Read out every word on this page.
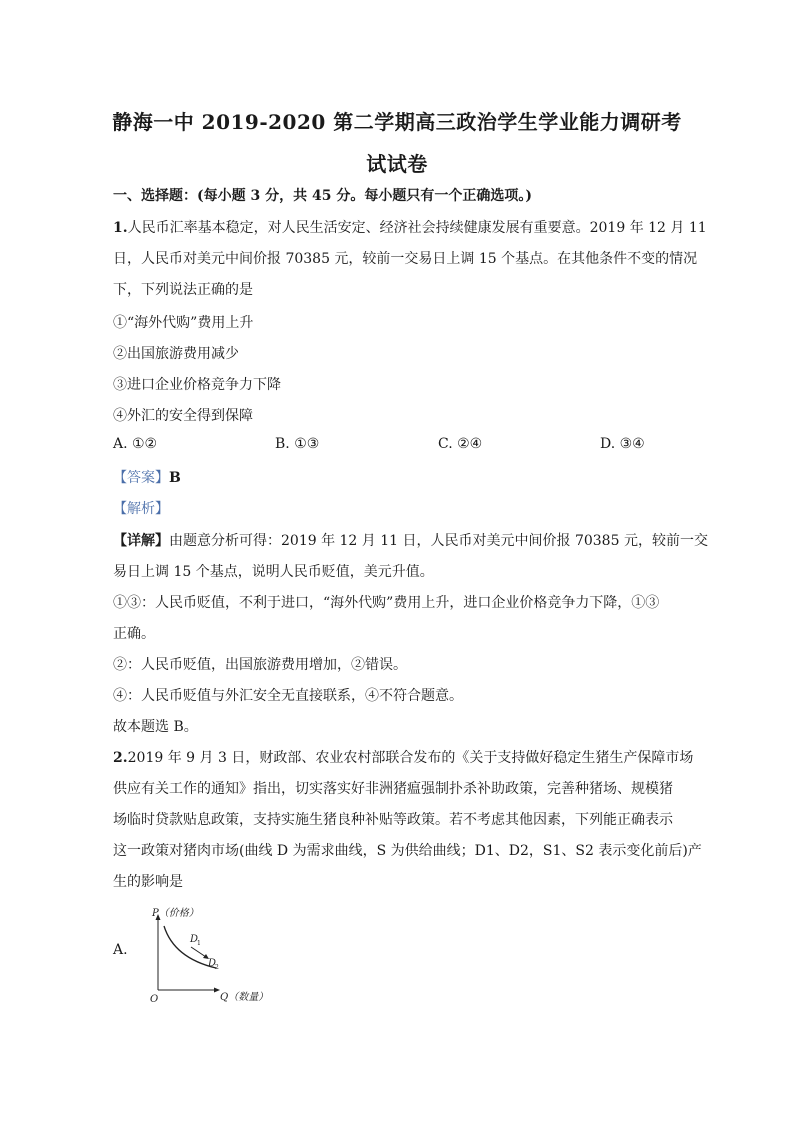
静海一中 2019-2020 第二学期高三政治学生学业能力调研考
试试卷
一、选择题：(每小题 3 分，共 45 分。每小题只有一个正确选项。)
1.人民币汇率基本稳定，对人民生活安定、经济社会持续健康发展有重要意。2019 年 12 月 11
日，人民币对美元中间价报 70385 元，较前一交易日上调 15 个基点。在其他条件不变的情况
下，下列说法正确的是
①“海外代购”费用上升
②出国旅游费用减少
③进口企业价格竞争力下降
④外汇的安全得到保障
A. ①②	B. ①③	C. ②④	D. ③④
【答案】B
【解析】
【详解】由题意分析可得：2019 年 12 月 11 日，人民币对美元中间价报 70385 元，较前一交
易日上调 15 个基点，说明人民币贬值，美元升值。
①③：人民币贬值，不利于进口，“海外代购”费用上升，进口企业价格竞争力下降，①③
正确。
②：人民币贬值，出国旅游费用增加，②错误。
④：人民币贬值与外汇安全无直接联系，④不符合题意。
故本题选 B。
2.2019 年 9 月 3 日，财政部、农业农村部联合发布的《关于支持做好稳定生猪生产保障市场
供应有关工作的通知》指出，切实落实好非洲猪瘟强制扑杀补助政策，完善种猪场、规模猪
场临时贷款贴息政策，支持实施生猪良种补贴等政策。若不考虑其他因素，下列能正确表示
这一政策对猪肉市场(曲线 D 为需求曲线，S 为供给曲线；D1、D2，S1、S2 表示变化前后)产
生的影响是
A.
P（价格）
Q（数量）
O
D
1
D
2
